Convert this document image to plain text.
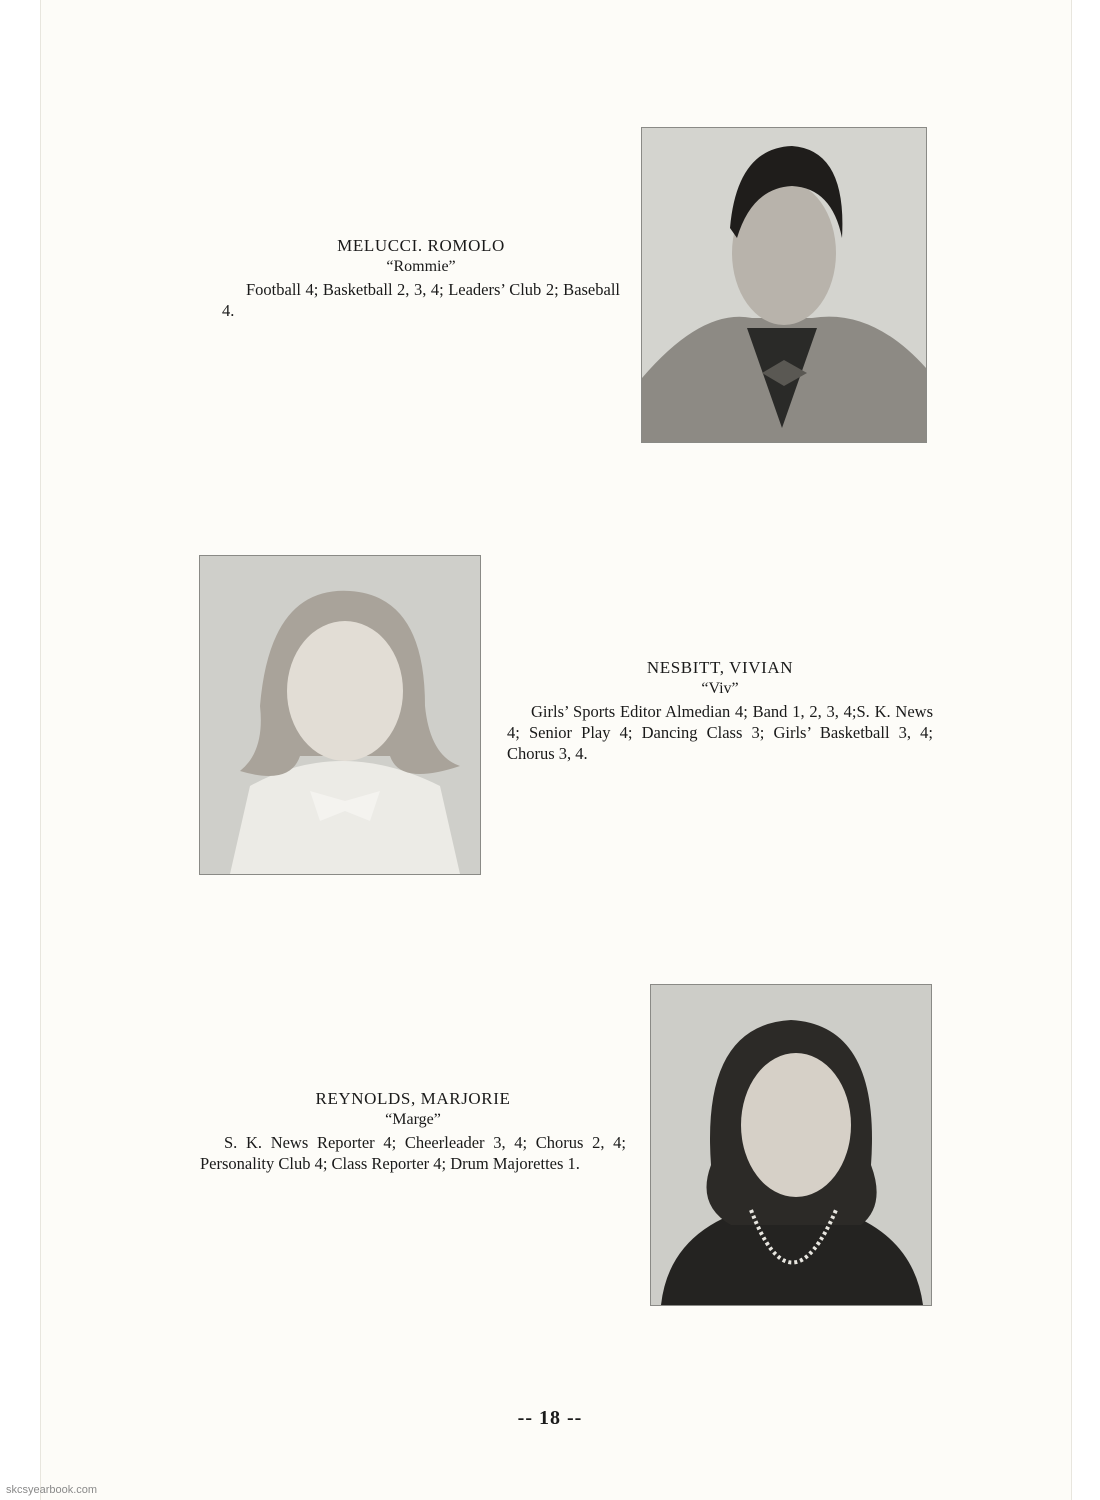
MELUCCI. ROMOLO
“Rommie”
Football 4; Basketball 2, 3, 4; Leaders’ Club 2; Baseball 4.
NESBITT, VIVIAN
“Viv”
Girls’ Sports Editor Almedian 4; Band 1, 2, 3, 4;S. K. News 4; Senior Play 4; Dancing Class 3; Girls’ Basketball 3, 4; Chorus 3, 4.
REYNOLDS, MARJORIE
“Marge”
S. K. News Reporter 4; Cheerleader 3, 4; Chorus 2, 4; Personality Club 4; Class Reporter 4; Drum Majorettes 1.
-- 18 --
skcsyearbook.com
